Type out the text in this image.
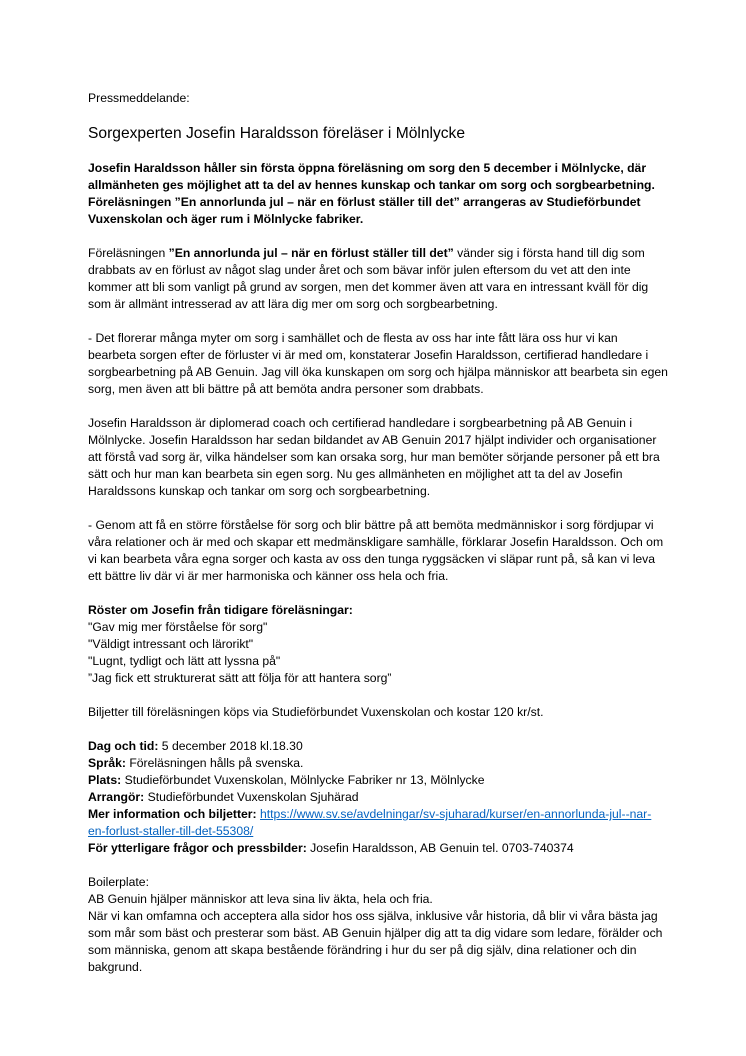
Pressmeddelande:

Sorgexperten Josefin Haraldsson föreläser i Mölnlycke

Josefin Haraldsson håller sin första öppna föreläsning om sorg den 5 december i Mölnlycke, där allmänheten ges möjlighet att ta del av hennes kunskap och tankar om sorg och sorgbearbetning. Föreläsningen ”En annorlunda jul – när en förlust ställer till det” arrangeras av Studieförbundet Vuxenskolan och äger rum i Mölnlycke fabriker.

Föreläsningen ”En annorlunda jul – när en förlust ställer till det” vänder sig i första hand till dig som drabbats av en förlust av något slag under året och som bävar inför julen eftersom du vet att den inte kommer att bli som vanligt på grund av sorgen, men det kommer även att vara en intressant kväll för dig som är allmänt intresserad av att lära dig mer om sorg och sorgbearbetning.

- Det florerar många myter om sorg i samhället och de flesta av oss har inte fått lära oss hur vi kan bearbeta sorgen efter de förluster vi är med om, konstaterar Josefin Haraldsson, certifierad handledare i sorgbearbetning på AB Genuin. Jag vill öka kunskapen om sorg och hjälpa människor att bearbeta sin egen sorg, men även att bli bättre på att bemöta andra personer som drabbats.

Josefin Haraldsson är diplomerad coach och certifierad handledare i sorgbearbetning på AB Genuin i Mölnlycke. Josefin Haraldsson har sedan bildandet av AB Genuin 2017 hjälpt individer och organisationer att förstå vad sorg är, vilka händelser som kan orsaka sorg, hur man bemöter sörjande personer på ett bra sätt och hur man kan bearbeta sin egen sorg. Nu ges allmänheten en möjlighet att ta del av Josefin Haraldssons kunskap och tankar om sorg och sorgbearbetning.

- Genom att få en större förståelse för sorg och blir bättre på att bemöta medmänniskor i sorg fördjupar vi våra relationer och är med och skapar ett medmänskligare samhälle, förklarar Josefin Haraldsson. Och om vi kan bearbeta våra egna sorger och kasta av oss den tunga ryggsäcken vi släpar runt på, så kan vi leva ett bättre liv där vi är mer harmoniska och känner oss hela och fria.

Röster om Josefin från tidigare föreläsningar:

"Gav mig mer förståelse för sorg"

"Väldigt intressant och lärorikt"

"Lugnt, tydligt och lätt att lyssna på"

”Jag fick ett strukturerat sätt att följa för att hantera sorg”

Biljetter till föreläsningen köps via Studieförbundet Vuxenskolan och kostar 120 kr/st.

Dag och tid: 5 december 2018 kl.18.30

Språk: Föreläsningen hålls på svenska.

Plats: Studieförbundet Vuxenskolan, Mölnlycke Fabriker nr 13, Mölnlycke

Arrangör: Studieförbundet Vuxenskolan Sjuhärad

Mer information och biljetter: https://www.sv.se/avdelningar/sv-sjuharad/kurser/en-annorlunda-jul--nar-en-forlust-staller-till-det-55308/

För ytterligare frågor och pressbilder: Josefin Haraldsson, AB Genuin tel. 0703-740374

Boilerplate:

AB Genuin hjälper människor att leva sina liv äkta, hela och fria.

När vi kan omfamna och acceptera alla sidor hos oss själva, inklusive vår historia, då blir vi våra bästa jag som mår som bäst och presterar som bäst. AB Genuin hjälper dig att ta dig vidare som ledare, förälder och som människa, genom att skapa bestående förändring i hur du ser på dig själv, dina relationer och din bakgrund.
